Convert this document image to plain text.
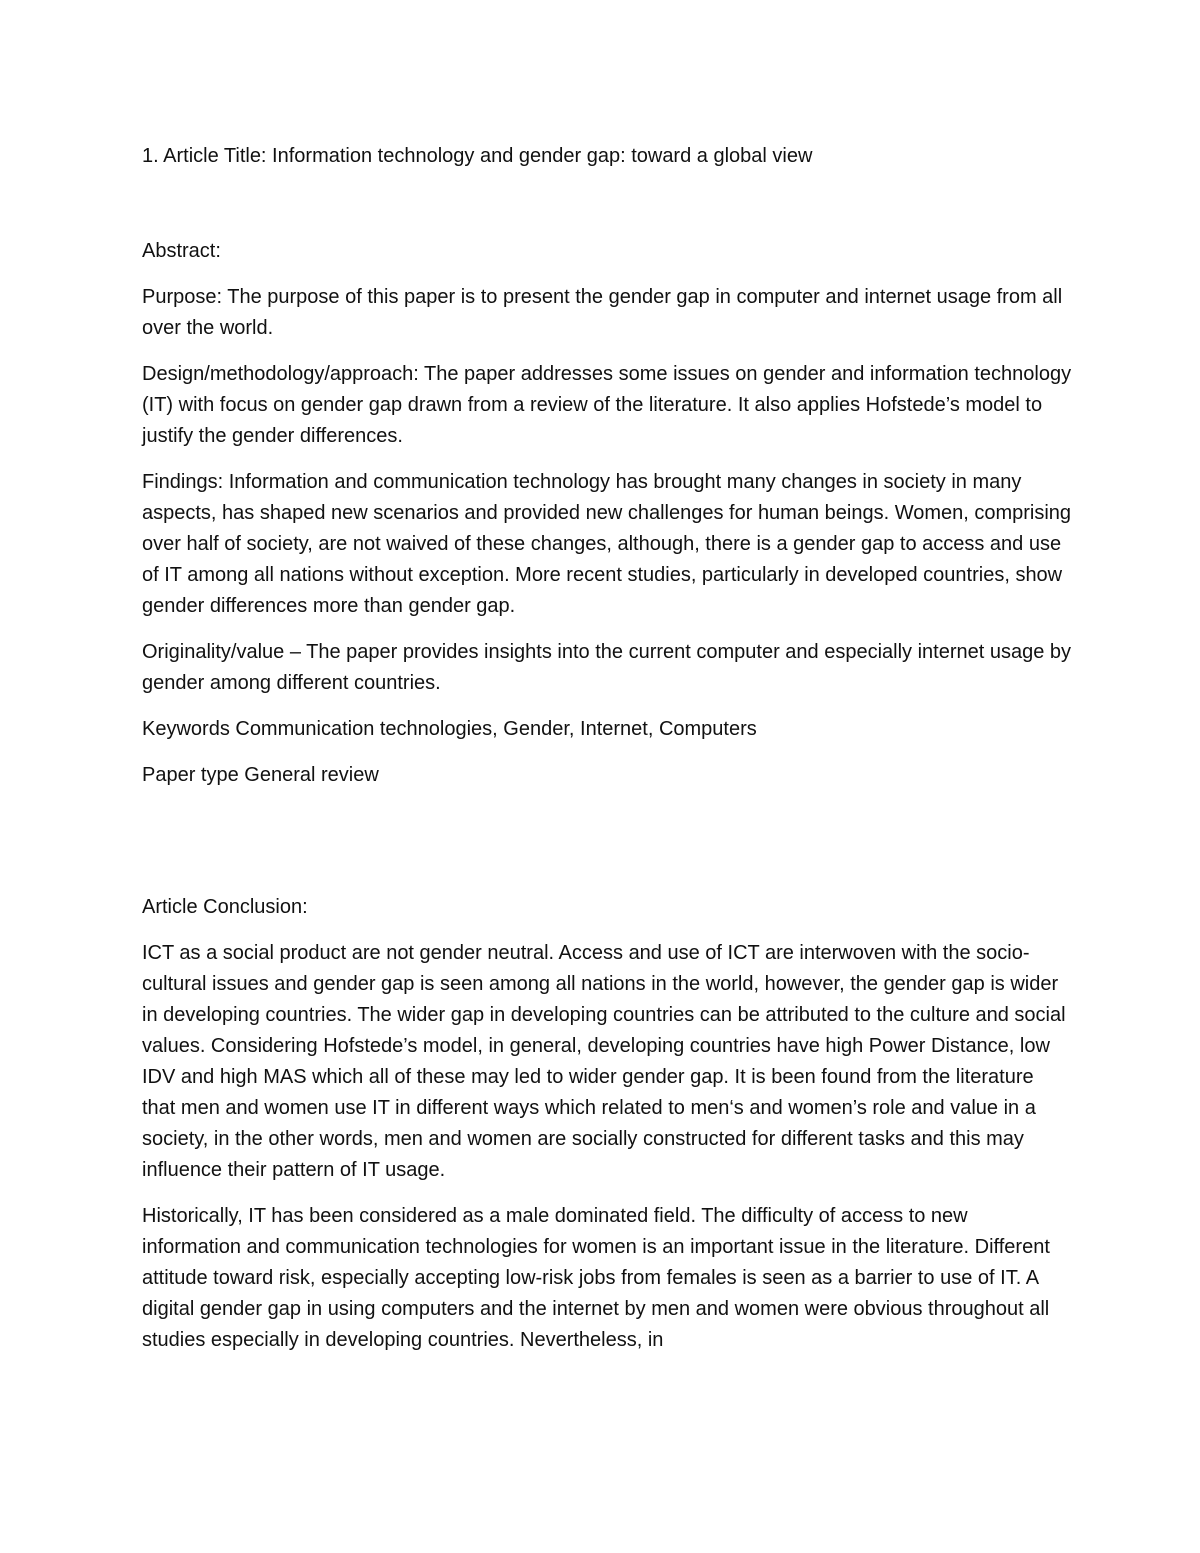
1. Article Title: Information technology and gender gap: toward a global view

Abstract:

Purpose: The purpose of this paper is to present the gender gap in computer and internet usage from all over the world.

Design/methodology/approach: The paper addresses some issues on gender and information technology (IT) with focus on gender gap drawn from a review of the literature. It also applies Hofstede’s model to justify the gender differences.

Findings: Information and communication technology has brought many changes in society in many aspects, has shaped new scenarios and provided new challenges for human beings. Women, comprising over half of society, are not waived of these changes, although, there is a gender gap to access and use of IT among all nations without exception. More recent studies, particularly in developed countries, show gender differences more than gender gap.

Originality/value – The paper provides insights into the current computer and especially internet usage by gender among different countries.

Keywords Communication technologies, Gender, Internet, Computers

Paper type General review

Article Conclusion:

ICT as a social product are not gender neutral. Access and use of ICT are interwoven with the socio-cultural issues and gender gap is seen among all nations in the world, however, the gender gap is wider in developing countries. The wider gap in developing countries can be attributed to the culture and social values. Considering Hofstede’s model, in general, developing countries have high Power Distance, low IDV and high MAS which all of these may led to wider gender gap. It is been found from the literature that men and women use IT in different ways which related to men‘s and women’s role and value in a society, in the other words, men and women are socially constructed for different tasks and this may influence their pattern of IT usage.

Historically, IT has been considered as a male dominated field. The difficulty of access to new information and communication technologies for women is an important issue in the literature. Different attitude toward risk, especially accepting low-risk jobs from females is seen as a barrier to use of IT. A digital gender gap in using computers and the internet by men and women were obvious throughout all studies especially in developing countries. Nevertheless, in
